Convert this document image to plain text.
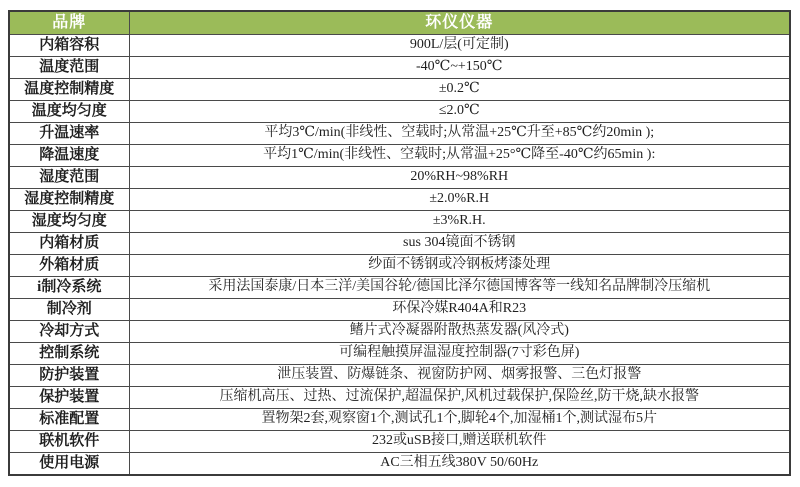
品牌	环仪仪器
内箱容积	900L/层(可定制)
温度范围	-40℃~+150℃
温度控制精度	±0.2℃
温度均匀度	≤2.0℃
升温速率	平均3℃/min(非线性、空载时;从常温+25℃升至+85℃约20min );
降温速度	平均1℃/min(非线性、空载时;从常温+25°℃降至-40℃约65min ):
湿度范围	20%RH~98%RH
湿度控制精度	±2.0%R.H
湿度均匀度	±3%R.H.
内箱材质	sus 304镜面不锈钢
外箱材质	纱面不锈钢或冷钢板烤漆处理
i制冷系统	采用法国泰康/日本三洋/美国谷轮/德国比泽尔德国博客等一线知名品牌制冷压缩机
制冷剂	环保冷媒R404A和R23
冷却方式	鳍片式冷凝器附散热蒸发器(风冷式)
控制系统	可编程触摸屏温湿度控制器(7寸彩色屏)
防护装置	泄压装置、防爆链条、视窗防护网、烟雾报警、三色灯报警
保护装置	压缩机高压、过热、过流保护,超温保护,风机过载保护,保险丝,防干烧,缺水报警
标准配置	置物架2套,观察窗1个,测试孔1个,脚轮4个,加湿桶1个,测试湿布5片
联机软件	232或uSB接口,赠送联机软件
使用电源	AC三相五线380V 50/60Hz
